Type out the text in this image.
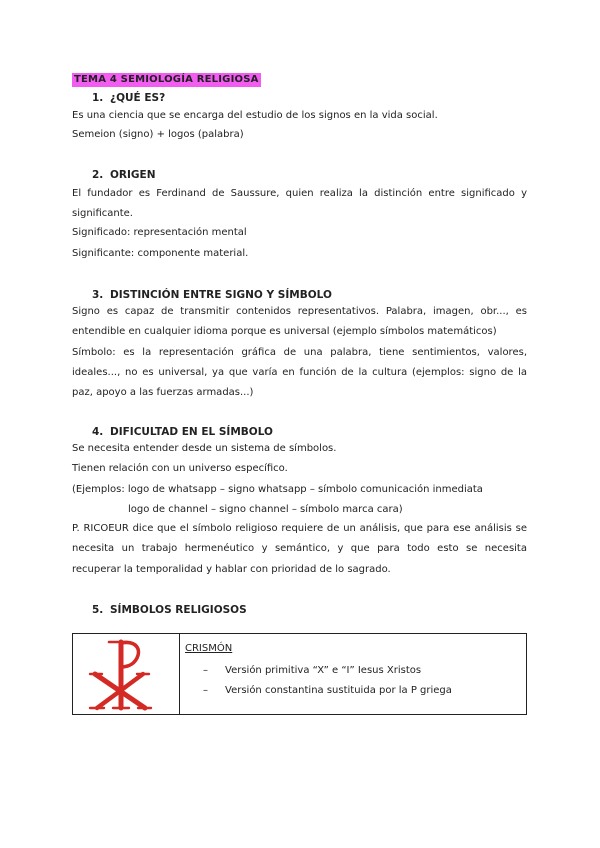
TEMA 4 SEMIOLOGÍA RELIGIOSA
1. ¿QUÉ ES?
Es una ciencia que se encarga del estudio de los signos en la vida social.
Semeion (signo) + logos (palabra)
2. ORIGEN

El fundador es Ferdinand de Saussure, quien realiza la distinción entre significado y significante.

Significado: representación mental
Significante: componente material.
3. DISTINCIÓN ENTRE SIGNO Y SÍMBOLO

Signo es capaz de transmitir contenidos representativos. Palabra, imagen, obr..., es entendible en cualquier idioma porque es universal (ejemplo símbolos matemáticos)

Símbolo: es la representación gráfica de una palabra, tiene sentimientos, valores, ideales..., no es universal, ya que varía en función de la cultura (ejemplos: signo de la paz, apoyo a las fuerzas armadas...)

4. DIFICULTAD EN EL SÍMBOLO
Se necesita entender desde un sistema de símbolos.
Tienen relación con un universo específico.
(Ejemplos: logo de whatsapp – signo whatsapp – símbolo comunicación inmediata
logo de channel – signo channel – símbolo marca cara)

P. RICOEUR dice que el símbolo religioso requiere de un análisis, que para ese análisis se necesita un trabajo hermenéutico y semántico, y que para todo esto se necesita recuperar la temporalidad y hablar con prioridad de lo sagrado.

5. SÍMBOLOS RELIGIOSOS
CRISMÓN
– Versión primitiva “X” e “I” Iesus Xristos
– Versión constantina sustituida por la P griega
